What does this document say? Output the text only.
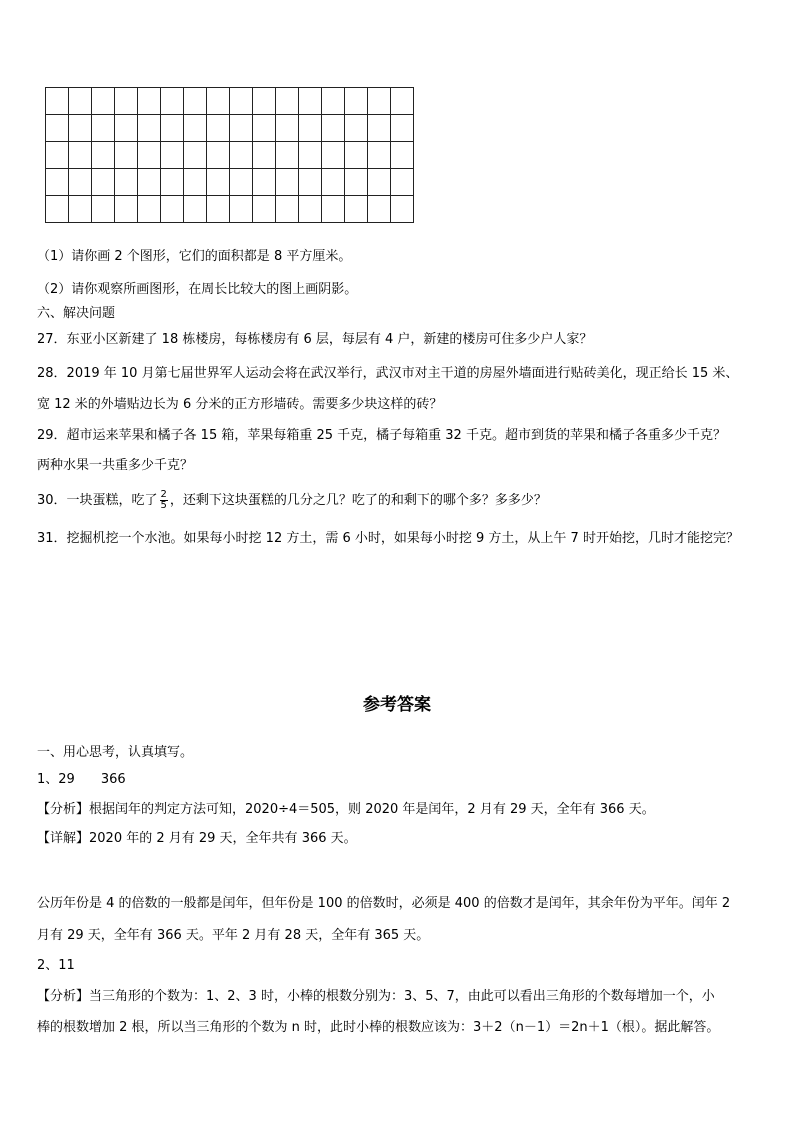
（1）请你画 2 个图形，它们的面积都是 8 平方厘米。
（2）请你观察所画图形，在周长比较大的图上画阴影。
六、解决问题
27．东亚小区新建了 18 栋楼房，每栋楼房有 6 层，每层有 4 户，新建的楼房可住多少户人家？
28．2019 年 10 月第七届世界军人运动会将在武汉举行，武汉市对主干道的房屋外墙面进行贴砖美化，现正给长 15 米、
宽 12 米的外墙贴边长为 6 分米的正方形墙砖。需要多少块这样的砖？
29．超市运来苹果和橘子各 15 箱，苹果每箱重 25 千克，橘子每箱重 32 千克。超市到货的苹果和橘子各重多少千克？
两种水果一共重多少千克？
30．一块蛋糕，吃了 $\frac{2}{5}$ ，还剩下这块蛋糕的几分之几？吃了的和剩下的哪个多？多多少？
31．挖掘机挖一个水池。如果每小时挖 12 方土，需 6 小时，如果每小时挖 9 方土，从上午 7 时开始挖，几时才能挖完？
参考答案
一、用心思考，认真填写。
1、29　　366
【分析】根据闰年的判定方法可知，2020÷4＝505，则 2020 年是闰年，2 月有 29 天，全年有 366 天。
【详解】2020 年的 2 月有 29 天，全年共有 366 天。
公历年份是 4 的倍数的一般都是闰年，但年份是 100 的倍数时，必须是 400 的倍数才是闰年，其余年份为平年。闰年 2
月有 29 天，全年有 366 天。平年 2 月有 28 天，全年有 365 天。
2、11
【分析】当三角形的个数为：1、2、3 时，小棒的根数分别为：3、5、7，由此可以看出三角形的个数每增加一个，小
棒的根数增加 2 根，所以当三角形的个数为 n 时，此时小棒的根数应该为：3＋2（n－1）＝2n＋1（根）。据此解答。
